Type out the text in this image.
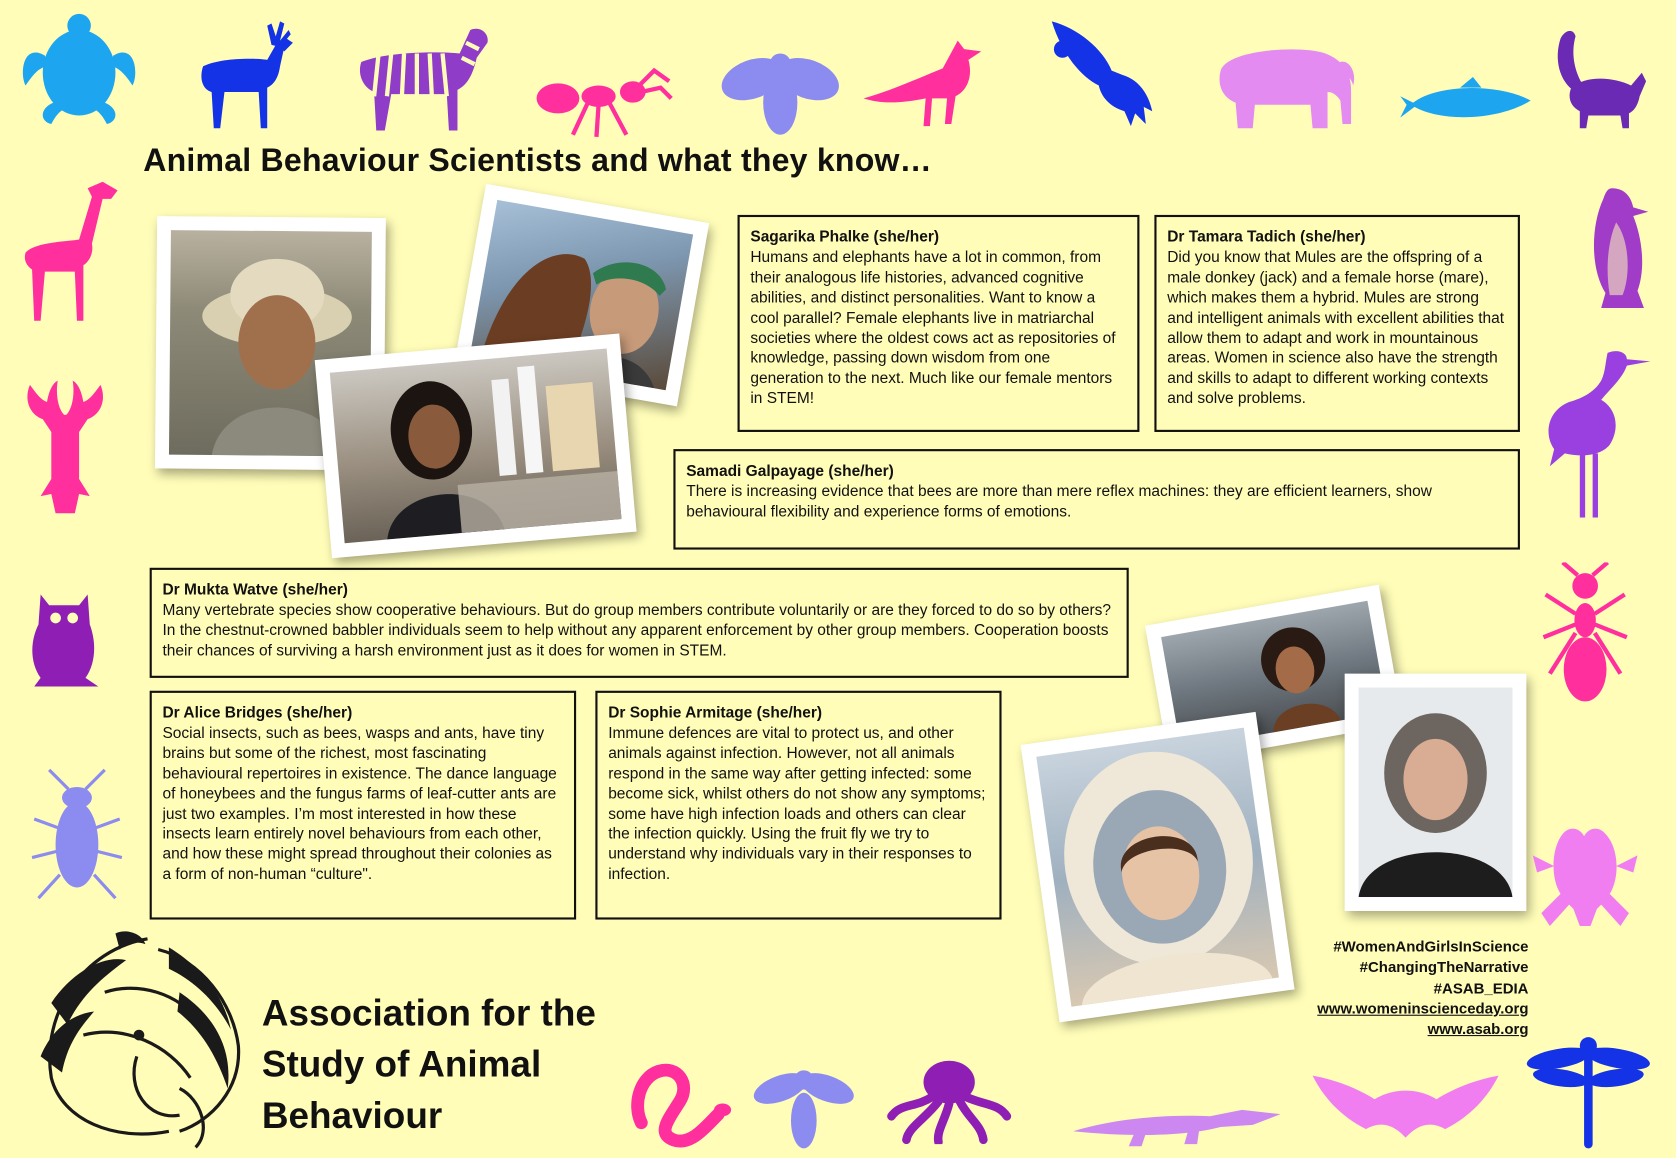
Animal Behaviour Scientists and what they know…
Sagarika Phalke (she/her)
Humans and elephants have a lot in common, from their analogous life histories, advanced cognitive abilities, and distinct personalities. Want to know a cool parallel? Female elephants live in matriarchal societies where the oldest cows act as repositories of knowledge, passing down wisdom from one generation to the next. Much like our female mentors in STEM!
Dr Tamara Tadich (she/her)
Did you know that Mules are the offspring of a male donkey (jack) and a female horse (mare), which makes them a hybrid. Mules are strong and intelligent animals with excellent abilities that allow them to adapt and work in mountainous areas. Women in science also have the strength and skills to adapt to different working contexts and solve problems.
Samadi Galpayage (she/her)
There is increasing evidence that bees are more than mere reflex machines: they are efficient learners, show behavioural flexibility and experience forms of emotions.
Dr Mukta Watve (she/her)
Many vertebrate species show cooperative behaviours. But do group members contribute voluntarily or are they forced to do so by others? In the chestnut-crowned babbler individuals seem to help without any apparent enforcement by other group members. Cooperation boosts their chances of surviving a harsh environment just as it does for women in STEM.
Dr Alice Bridges (she/her)
Social insects, such as bees, wasps and ants, have tiny brains but some of the richest, most fascinating behavioural repertoires in existence. The dance language of honeybees and the fungus farms of leaf-cutter ants are just two examples. I’m most interested in how these insects learn entirely novel behaviours from each other, and how these might spread throughout their colonies as a form of non-human “culture".
Dr Sophie Armitage (she/her)
Immune defences are vital to protect us, and other animals against infection. However, not all animals respond in the same way after getting infected: some become sick, whilst others do not show any symptoms; some have high infection loads and others can clear the infection quickly. Using the fruit fly we try to understand why individuals vary in their responses to infection.
#WomenAndGirlsInScience
#ChangingTheNarrative
#ASAB_EDIA
www.womeninscienceday.org
www.asab.org
Association for the
Study of Animal
Behaviour
